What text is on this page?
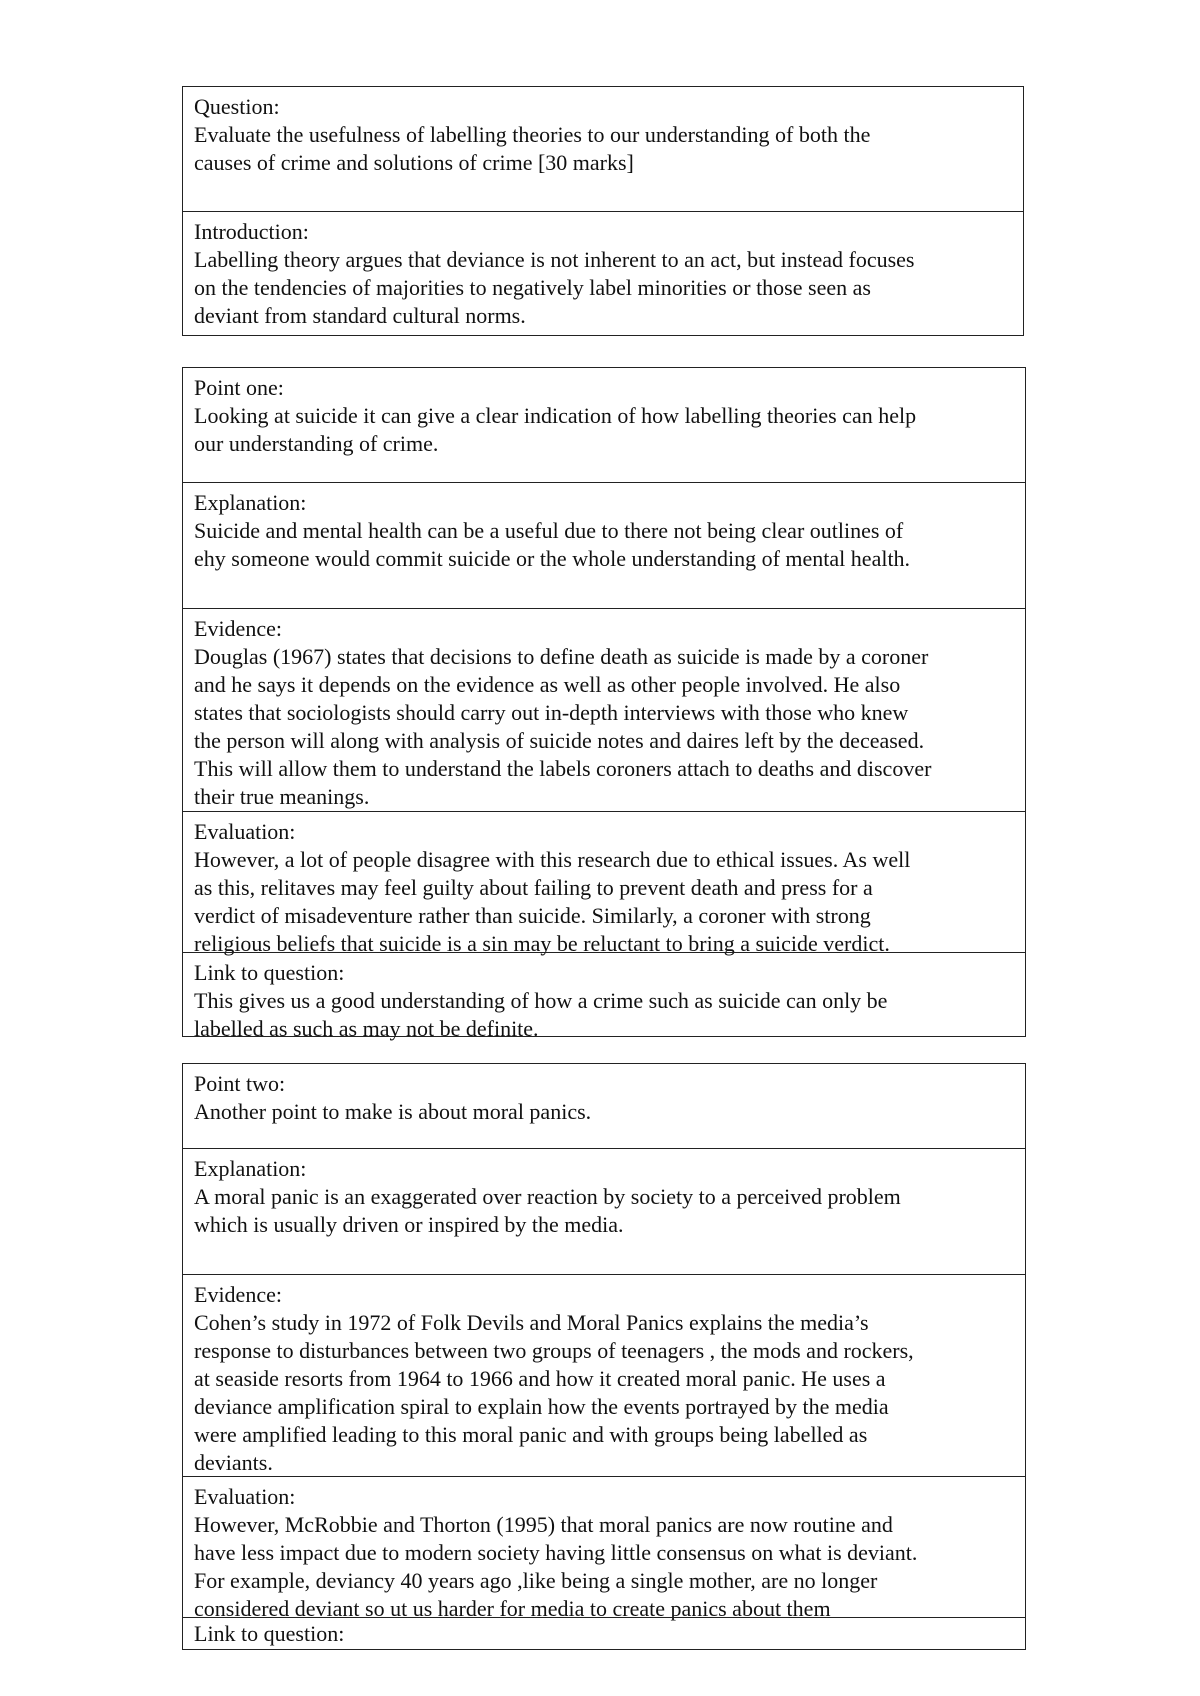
Question:
Evaluate the usefulness of labelling theories to our understanding of both the
causes of crime and solutions of crime [30 marks]
Introduction:
Labelling theory argues that deviance is not inherent to an act, but instead focuses
on the tendencies of majorities to negatively label minorities or those seen as
deviant from standard cultural norms.
Point one:
Looking at suicide it can give a clear indication of how labelling theories can help
our understanding of crime.
Explanation:
Suicide and mental health can be a useful due to there not being clear outlines of
ehy someone would commit suicide or the whole understanding of mental health.
Evidence:
Douglas (1967) states that decisions to define death as suicide is made by a coroner
and he says it depends on the evidence as well as other people involved. He also
states that sociologists should carry out in-depth interviews with those who knew
the person will along with analysis of suicide notes and daires left by the deceased.
This will allow them to understand the labels coroners attach to deaths and discover
their true meanings.
Evaluation:
However, a lot of people disagree with this research due to ethical issues. As well
as this, relitaves may feel guilty about failing to prevent death and press for a
verdict of misadeventure rather than suicide. Similarly, a coroner with strong
religious beliefs that suicide is a sin may be reluctant to bring a suicide verdict.
Link to question:
This gives us a good understanding of how a crime such as suicide can only be
labelled as such as may not be definite.
Point two:
Another point to make is about moral panics.
Explanation:
A moral panic is an exaggerated over reaction by society to a perceived problem
which is usually driven or inspired by the media.
Evidence:
Cohen’s study in 1972 of Folk Devils and Moral Panics explains the media’s
response to disturbances between two groups of teenagers , the mods and rockers,
at seaside resorts from 1964 to 1966 and how it created moral panic. He uses a
deviance amplification spiral to explain how the events portrayed by the media
were amplified leading to this moral panic and with groups being labelled as
deviants.
Evaluation:
However, McRobbie and Thorton (1995) that moral panics are now routine and
have less impact due to modern society having little consensus on what is deviant.
For example, deviancy 40 years ago ,like being a single mother, are no longer
considered deviant so ut us harder for media to create panics about them
Link to question:
